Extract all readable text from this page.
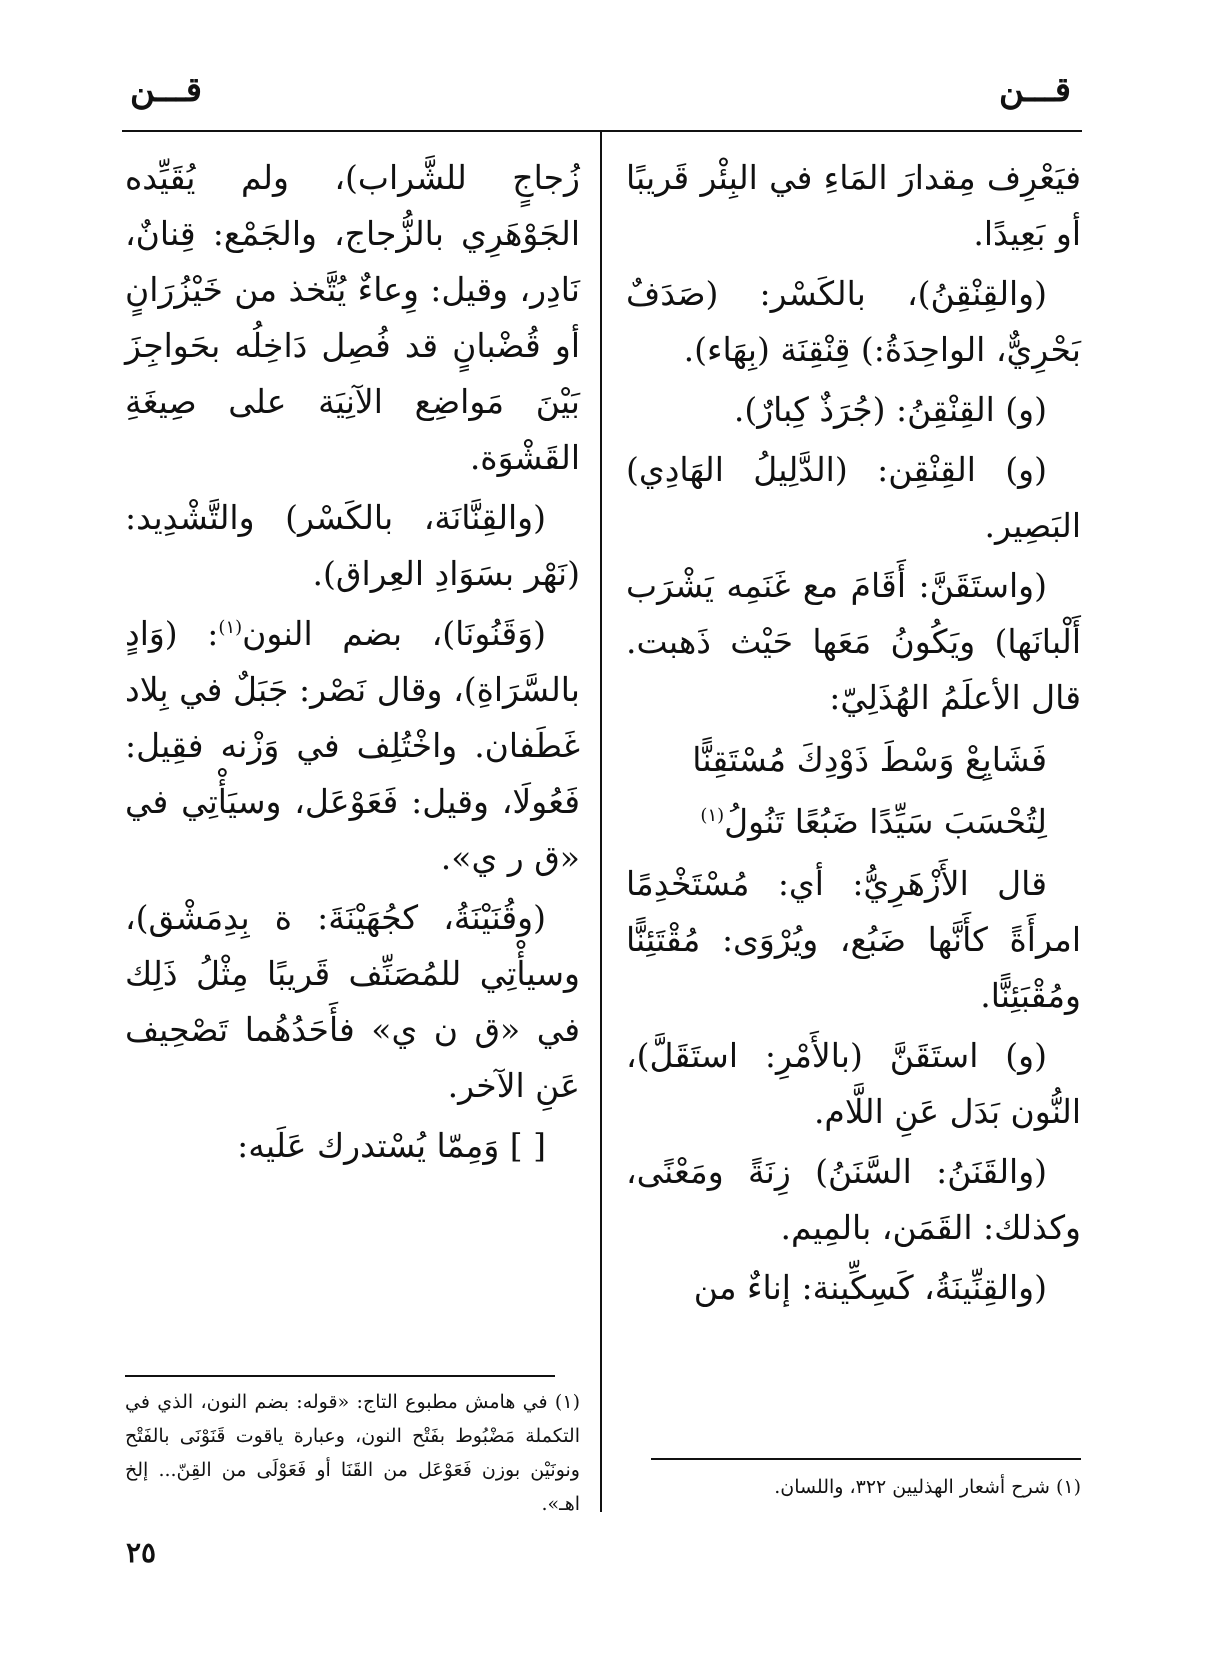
قـــن
قـــن

فيَعْرِف مِقدارَ المَاءِ في البِئْر قَريبًا أو بَعِيدًا.

(والقِنْقِنُ)، بالكَسْر: (صَدَفٌ بَحْرِيٌّ، الواحِدَةُ:) قِنْقِنَة (بِهَاء).

(و) القِنْقِنُ: (جُرَذٌ كِبارٌ).

(و) القِنْقِن: (الدَّلِيلُ الهَادِي) البَصِير.

(واستَقَنَّ: أَقَامَ مع غَنَمِه يَشْرَب أَلْبانَها) ويَكُونُ مَعَها حَيْث ذَهبت. قال الأعلَمُ الهُذَلِيّ:

فَشَايِعْ وَسْطَ ذَوْدِكَ مُسْتَقِنًّا
لِتُحْسَبَ سَيِّدًا ضَبُعًا تَنُولُ$^{(١)}$

قال الأَزْهَرِيُّ: أي: مُسْتَخْدِمًا امرأَةً كأَنَّها ضَبُع، ويُرْوَى: مُقْتَئِنًّا ومُقْبَئِنًّا.

(و) استَقَنَّ (بالأَمْرِ: استَقَلَّ)، النُّون بَدَل عَنِ اللَّام.

(والقَنَنُ: السَّنَنُ) زِنَةً ومَعْنًى، وكذلك: القَمَن، بالمِيم.

(والقِنِّينَةُ، كَسِكِّينة: إناءٌ من

زُجاجٍ للشَّراب)، ولم يُقَيِّده الجَوْهَرِي بالزُّجاج، والجَمْع: قِنانٌ، نَادِر، وقيل: وِعاءٌ يُتَّخذ من خَيْزُرَانٍ أو قُضْبانٍ قد فُصِل دَاخِلُه بحَواجِزَ بَيْنَ مَواضِع الآنِيَة على صِيغَةِ القَشْوَة.

(والقِنَّانَة، بالكَسْر) والتَّشْدِيد: (نَهْر بسَوَادِ العِراق).

(وَقَنُونَا)، بضم النون$^{(١)}$: (وَادٍ بالسَّرَاةِ)، وقال نَصْر: جَبَلٌ في بِلاد غَطَفان. واخْتُلِف في وَزْنه فقِيل: فَعُولَا، وقيل: فَعَوْعَل، وسيَأْتِي في «ق ر ي».

(وقُنَيْنَةُ، كجُهَيْنَةَ: ة بِدِمَشْق)، وسيأْتِي للمُصَنِّف قَريبًا مِثْلُ ذَلِك في «ق ن ي» فأَحَدُهُما تَصْحِيف عَنِ الآخر.

[ ] وَمِمّا يُسْتدرك عَلَيه:

(١) في هامش مطبوع التاج: «قوله: بضم النون، الذي في التكملة مَضْبُوط بفَتْح النون، وعبارة ياقوت قَنَوْنَى بالفَتْح ونونَيْن بوزن فَعَوْعَل من القَنَا أو فَعَوْلَى من القِنّ... إلخ اهـ».
(١) شرح أشعار الهذليين ٣٢٢، واللسان.
٢٥
